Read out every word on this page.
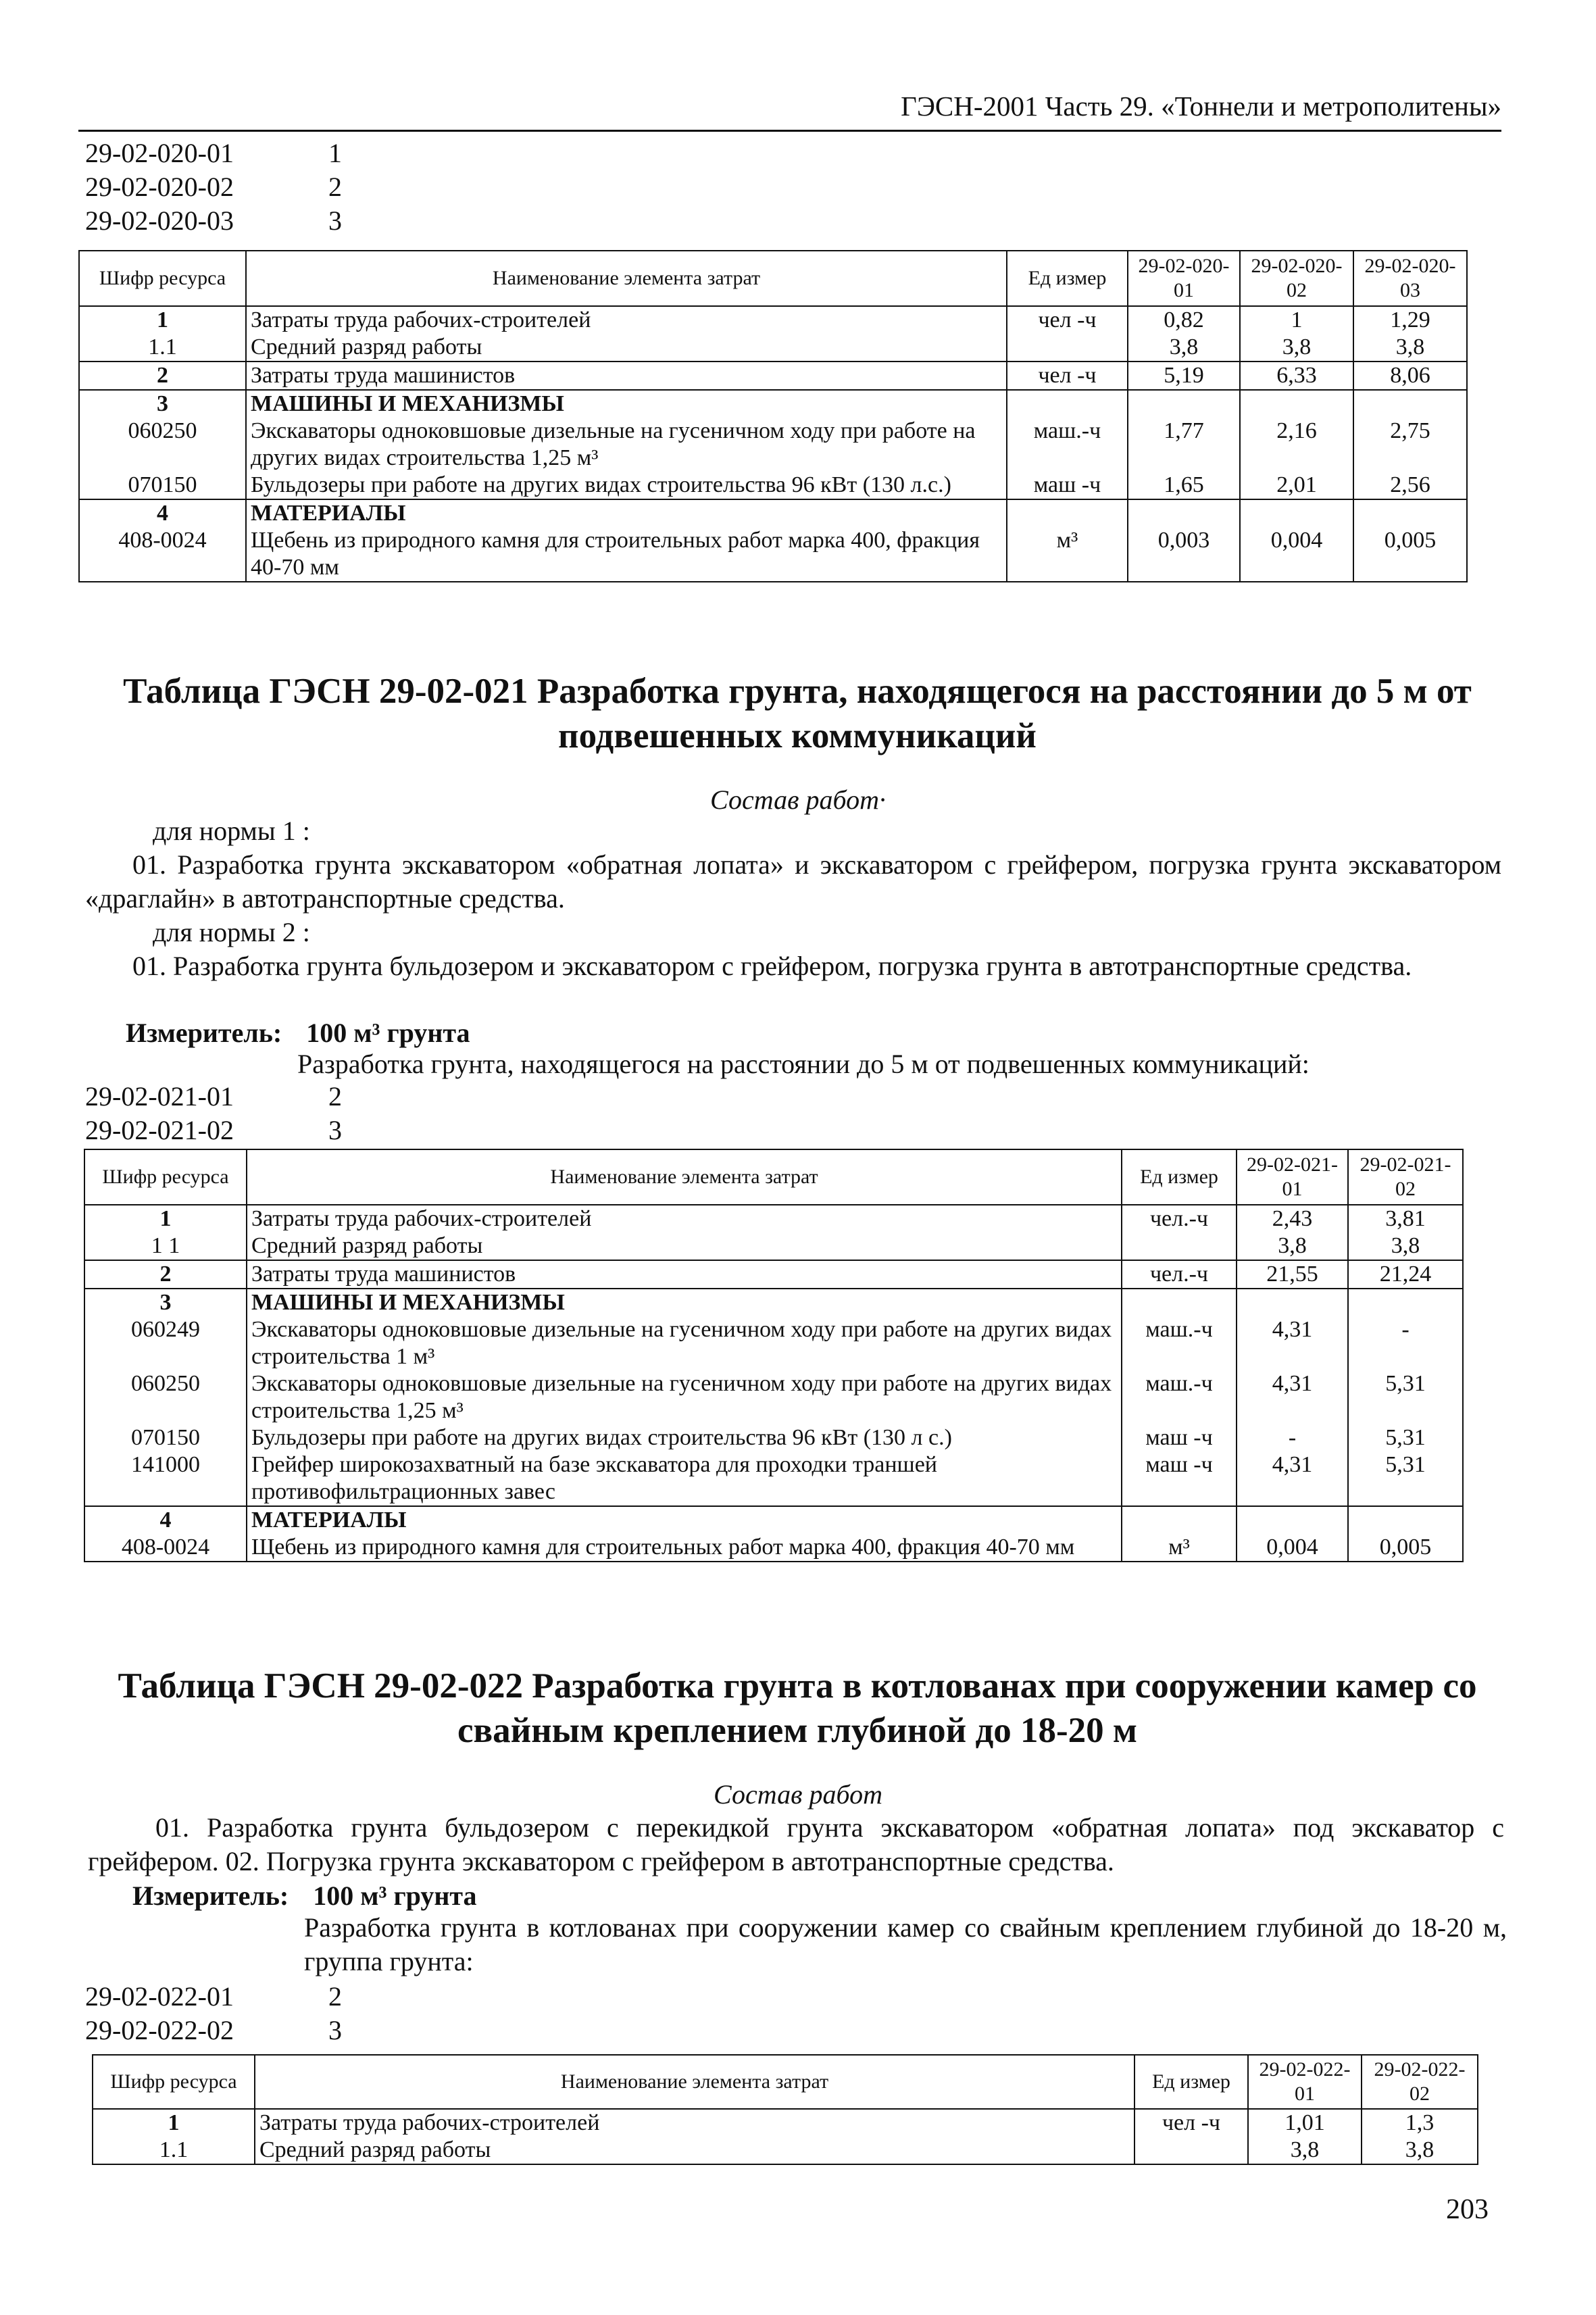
ГЭСН-2001 Часть 29. «Тоннели и метрополитены»
29-02-020-01	1
29-02-020-02	2
29-02-020-03	3
Шифр ресурса	Наименование элемента затрат	Ед измер	29-02-020-01	29-02-020-02	29-02-020-03
1	Затраты труда рабочих-строителей	чел -ч	0,82	1	1,29
1.1	Средний разряд работы		3,8	3,8	3,8
2	Затраты труда машинистов	чел -ч	5,19	6,33	8,06
3	МАШИНЫ И МЕХАНИЗМЫ				
060250	Экскаваторы одноковшовые дизельные на гусеничном ходу при работе на других видах строительства 1,25 м³	маш.-ч	1,77	2,16	2,75
070150	Бульдозеры при работе на других видах строительства 96 кВт (130 л.с.)	маш -ч	1,65	2,01	2,56
4	МАТЕРИАЛЫ				
408-0024	Щебень из природного камня для строительных работ марка 400, фракция 40-70 мм	м³	0,003	0,004	0,005
Таблица ГЭСН 29-02-021 Разработка грунта, находящегося на расстоянии до 5 м от подвешенных коммуникаций
Состав работ·
для нормы 1 :
01. Разработка грунта экскаватором «обратная лопата» и экскаватором с грейфером, погрузка грунта экскаватором «драглайн» в автотранспортные средства.
для нормы 2 :
01. Разработка грунта бульдозером и экскаватором с грейфером, погрузка грунта в автотранспортные средства.
Измеритель: 100 м³ грунта
Разработка грунта, находящегося на расстоянии до 5 м от подвешенных коммуникаций:
29-02-021-01	2
29-02-021-02	3
Шифр ресурса	Наименование элемента затрат	Ед измер	29-02-021-01	29-02-021-02
1	Затраты труда рабочих-строителей	чел.-ч	2,43	3,81
1 1	Средний разряд работы		3,8	3,8
2	Затраты труда машинистов	чел.-ч	21,55	21,24
3	МАШИНЫ И МЕХАНИЗМЫ			
060249	Экскаваторы одноковшовые дизельные на гусеничном ходу при работе на других видах строительства 1 м³	маш.-ч	4,31	-
060250	Экскаваторы одноковшовые дизельные на гусеничном ходу при работе на других видах строительства 1,25 м³	маш.-ч	4,31	5,31
070150	Бульдозеры при работе на других видах строительства 96 кВт (130 л с.)	маш -ч	-	5,31
141000	Грейфер широкозахватный на базе экскаватора для проходки траншей противофильтрационных завес	маш -ч	4,31	5,31
4	МАТЕРИАЛЫ			
408-0024	Щебень из природного камня для строительных работ марка 400, фракция 40-70 мм	м³	0,004	0,005
Таблица ГЭСН 29-02-022 Разработка грунта в котлованах при сооружении камер со свайным креплением глубиной до 18-20 м
Состав работ
01. Разработка грунта бульдозером с перекидкой грунта экскаватором «обратная лопата» под экскаватор с грейфером. 02. Погрузка грунта экскаватором с грейфером в автотранспортные средства.
Измеритель: 100 м³ грунта
Разработка грунта в котлованах при сооружении камер со свайным креплением глубиной до 18-20 м, группа грунта:
29-02-022-01	2
29-02-022-02	3
Шифр ресурса	Наименование элемента затрат	Ед измер	29-02-022-01	29-02-022-02
1	Затраты труда рабочих-строителей	чел -ч	1,01	1,3
1.1	Средний разряд работы		3,8	3,8
203
